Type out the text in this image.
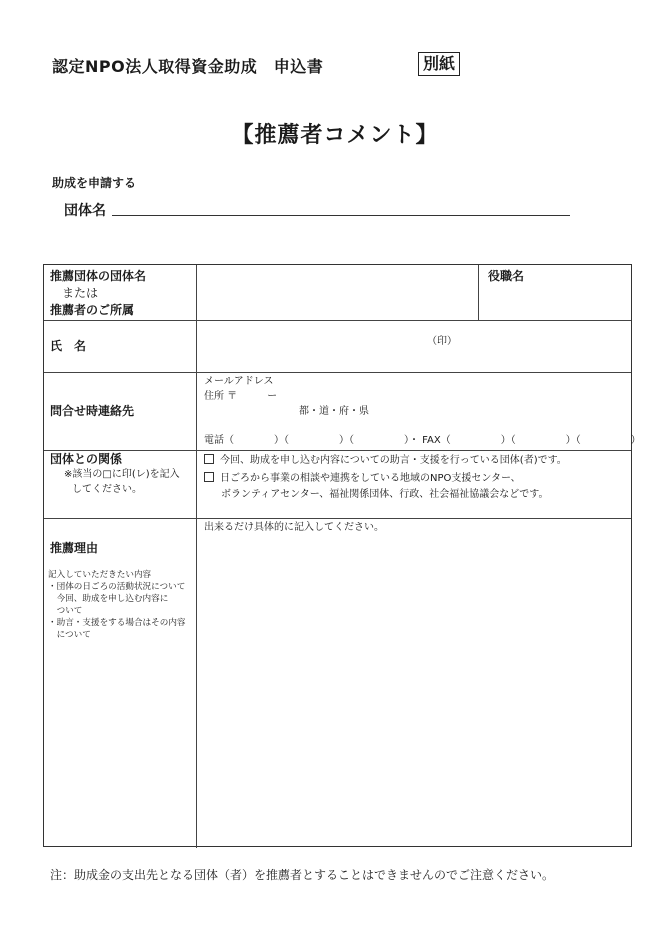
認定NPO法人取得資金助成　申込書	別紙
【推薦者コメント】
助成を申請する
団体名
推薦団体の団体名
または
推薦者のご所属
役職名
氏　名	（印）
問合せ時連絡先
メールアドレス
住所 〒　　　ー
都・道・府・県
電話（　　　　）（　　　　　）（　　　　　）・ FAX（　　　　　）（　　　　　）（　　　　　）
団体との関係
※該当の□に印(レ)を記入
してください。
今回、助成を申し込む内容についての助言・支援を行っている団体(者)です。
日ごろから事業の相談や連携をしている地域のNPO支援センター、
ボランティアセンター、福祉関係団体、行政、社会福祉協議会などです。
推薦理由
記入していただきたい内容
・団体の日ごろの活動状況について
　今回、助成を申し込む内容に
　ついて
・助言・支援をする場合はその内容
　について
出来るだけ具体的に記入してください。
注：助成金の支出先となる団体（者）を推薦者とすることはできませんのでご注意ください。
